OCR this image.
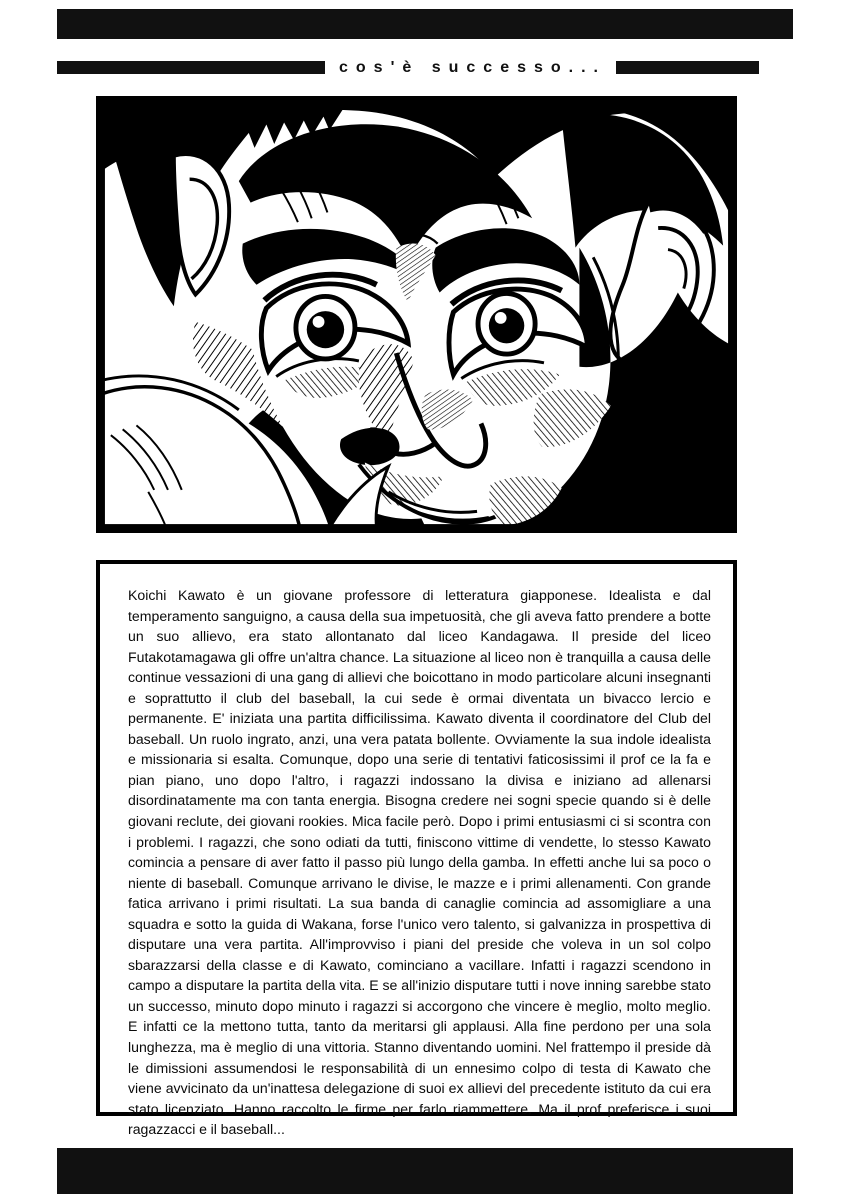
cos'è successo...
Koichi Kawato è un giovane professore di letteratura giapponese. Idealista e dal temperamento sanguigno, a causa della sua impetuosità, che gli aveva fatto prendere a botte un suo allievo, era stato allontanato dal liceo Kandagawa. Il preside del liceo Futakotamagawa gli offre un'altra chance. La situazione al liceo non è tranquilla a causa delle continue vessazioni di una gang di allievi che boicottano in modo particolare alcuni insegnanti e soprattutto il club del baseball, la cui sede è ormai diventata un bivacco lercio e permanente. E' iniziata una partita difficilissima. Kawato diventa il coordinatore del Club del baseball. Un ruolo ingrato, anzi, una vera patata bollente. Ovviamente la sua indole idealista e missionaria si esalta. Comunque, dopo una serie di tentativi faticosissimi il prof ce la fa e pian piano, uno dopo l'altro, i ragazzi indossano la divisa e iniziano ad allenarsi disordinatamente ma con tanta energia. Bisogna credere nei sogni specie quando si è delle giovani reclute, dei giovani rookies. Mica facile però. Dopo i primi entusiasmi ci si scontra con i problemi. I ragazzi, che sono odiati da tutti, finiscono vittime di vendette, lo stesso Kawato comincia a pensare di aver fatto il passo più lungo della gamba. In effetti anche lui sa poco o niente di baseball. Comunque arrivano le divise, le mazze e i primi allenamenti. Con grande fatica arrivano i primi risultati. La sua banda di canaglie comincia ad assomigliare a una squadra e sotto la guida di Wakana, forse l'unico vero talento, si galvanizza in prospettiva di disputare una vera partita. All'improvviso i piani del preside che voleva in un sol colpo sbarazzarsi della classe e di Kawato, cominciano a vacillare. Infatti i ragazzi scendono in campo a disputare la partita della vita. E se all'inizio disputare tutti i nove inning sarebbe stato un successo, minuto dopo minuto i ragazzi si accorgono che vincere è meglio, molto meglio. E infatti ce la mettono tutta, tanto da meritarsi gli applausi. Alla fine perdono per una sola lunghezza, ma è meglio di una vittoria. Stanno diventando uomini. Nel frattempo il preside dà le dimissioni assumendosi le responsabilità di un ennesimo colpo di testa di Kawato che viene avvicinato da un'inattesa delegazione di suoi ex allievi del precedente istituto da cui era stato licenziato. Hanno raccolto le firme per farlo riammettere. Ma il prof preferisce i suoi ragazzacci e il baseball...
